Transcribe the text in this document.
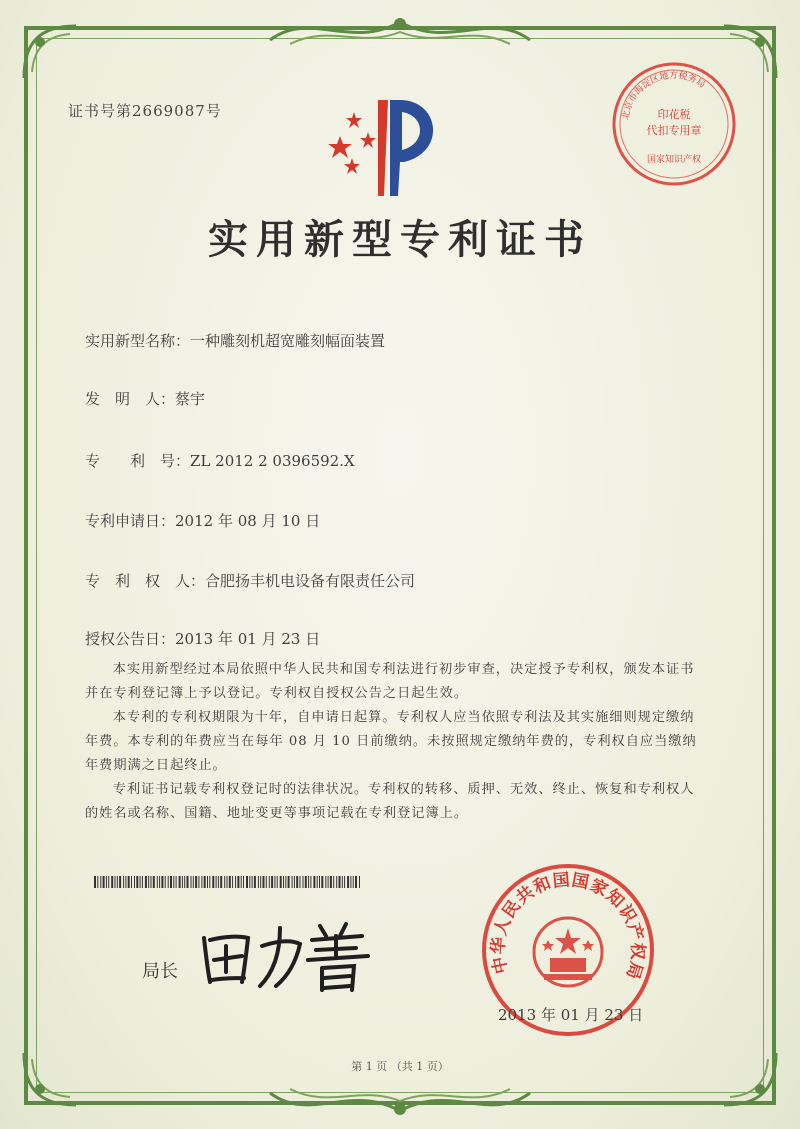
证书号第2669087号	北京市海淀区地方税务局
印花税
代扣专用章
国家知识产权
实用新型专利证书
实用新型名称：一种雕刻机超宽雕刻幅面装置
发　明　人：蔡宇
专　　利　号：ZL 2012 2 0396592.X
专利申请日：2012 年 08 月 10 日
专　利　权　人：合肥扬丰机电设备有限责任公司
授权公告日：2013 年 01 月 23 日

本实用新型经过本局依照中华人民共和国专利法进行初步审查，决定授予专利权，颁发本证书并在专利登记簿上予以登记。专利权自授权公告之日起生效。

本专利的专利权期限为十年，自申请日起算。专利权人应当依照专利法及其实施细则规定缴纳年费。本专利的年费应当在每年 08 月 10 日前缴纳。未按照规定缴纳年费的，专利权自应当缴纳年费期满之日起终止。

专利证书记载专利权登记时的法律状况。专利权的转移、质押、无效、终止、恢复和专利权人的姓名或名称、国籍、地址变更等事项记载在专利登记簿上。

局长	中华人民共和国国家知识产权局
2013 年 01 月 23 日
第 1 页 （共 1 页）
